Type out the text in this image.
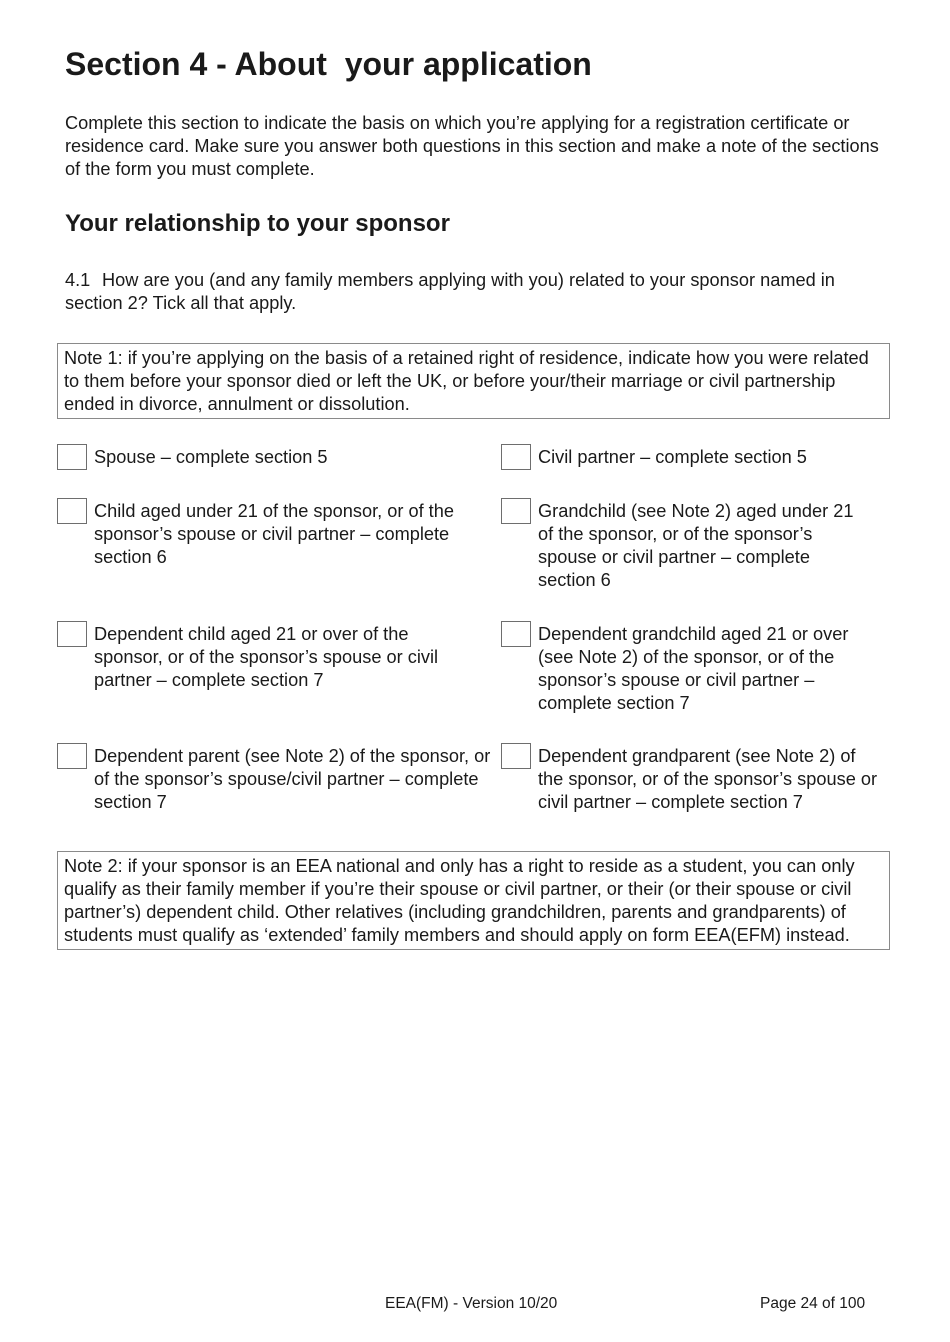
Section 4 - About  your application

Complete this section to indicate the basis on which you’re applying for a registration certificate or residence card. Make sure you answer both questions in this section and make a note of the sections of the form you must complete.

Your relationship to your sponsor

4.1 How are you (and any family members applying with you) related to your sponsor named in section 2? Tick all that apply.

Note 1: if you’re applying on the basis of a retained right of residence, indicate how you were related to them before your sponsor died or left the UK, or before your/their marriage or civil partnership ended in divorce, annulment or dissolution.
Spouse – complete section 5	Civil partner – complete section 5
Child aged under 21 of the sponsor, or of the sponsor’s spouse or civil partner – complete section 6
Grandchild (see Note 2) aged under 21 of the sponsor, or of the sponsor’s spouse or civil partner – complete section 6
Dependent child aged 21 or over of the sponsor, or of the sponsor’s spouse or civil partner – complete section 7
Dependent grandchild aged 21 or over (see Note 2) of the sponsor, or of the sponsor’s spouse or civil partner – complete section 7
Dependent parent (see Note 2) of the sponsor, or of the sponsor’s spouse/civil partner – complete section 7
Dependent grandparent (see Note 2) of the sponsor, or of the sponsor’s spouse or civil partner – complete section 7
Note 2: if your sponsor is an EEA national and only has a right to reside as a student, you can only qualify as their family member if you’re their spouse or civil partner, or their (or their spouse or civil partner’s) dependent child. Other relatives (including grandchildren, parents and grandparents) of students must qualify as ‘extended’ family members and should apply on form EEA(EFM) instead.
EEA(FM) - Version 10/20	Page 24 of 100
